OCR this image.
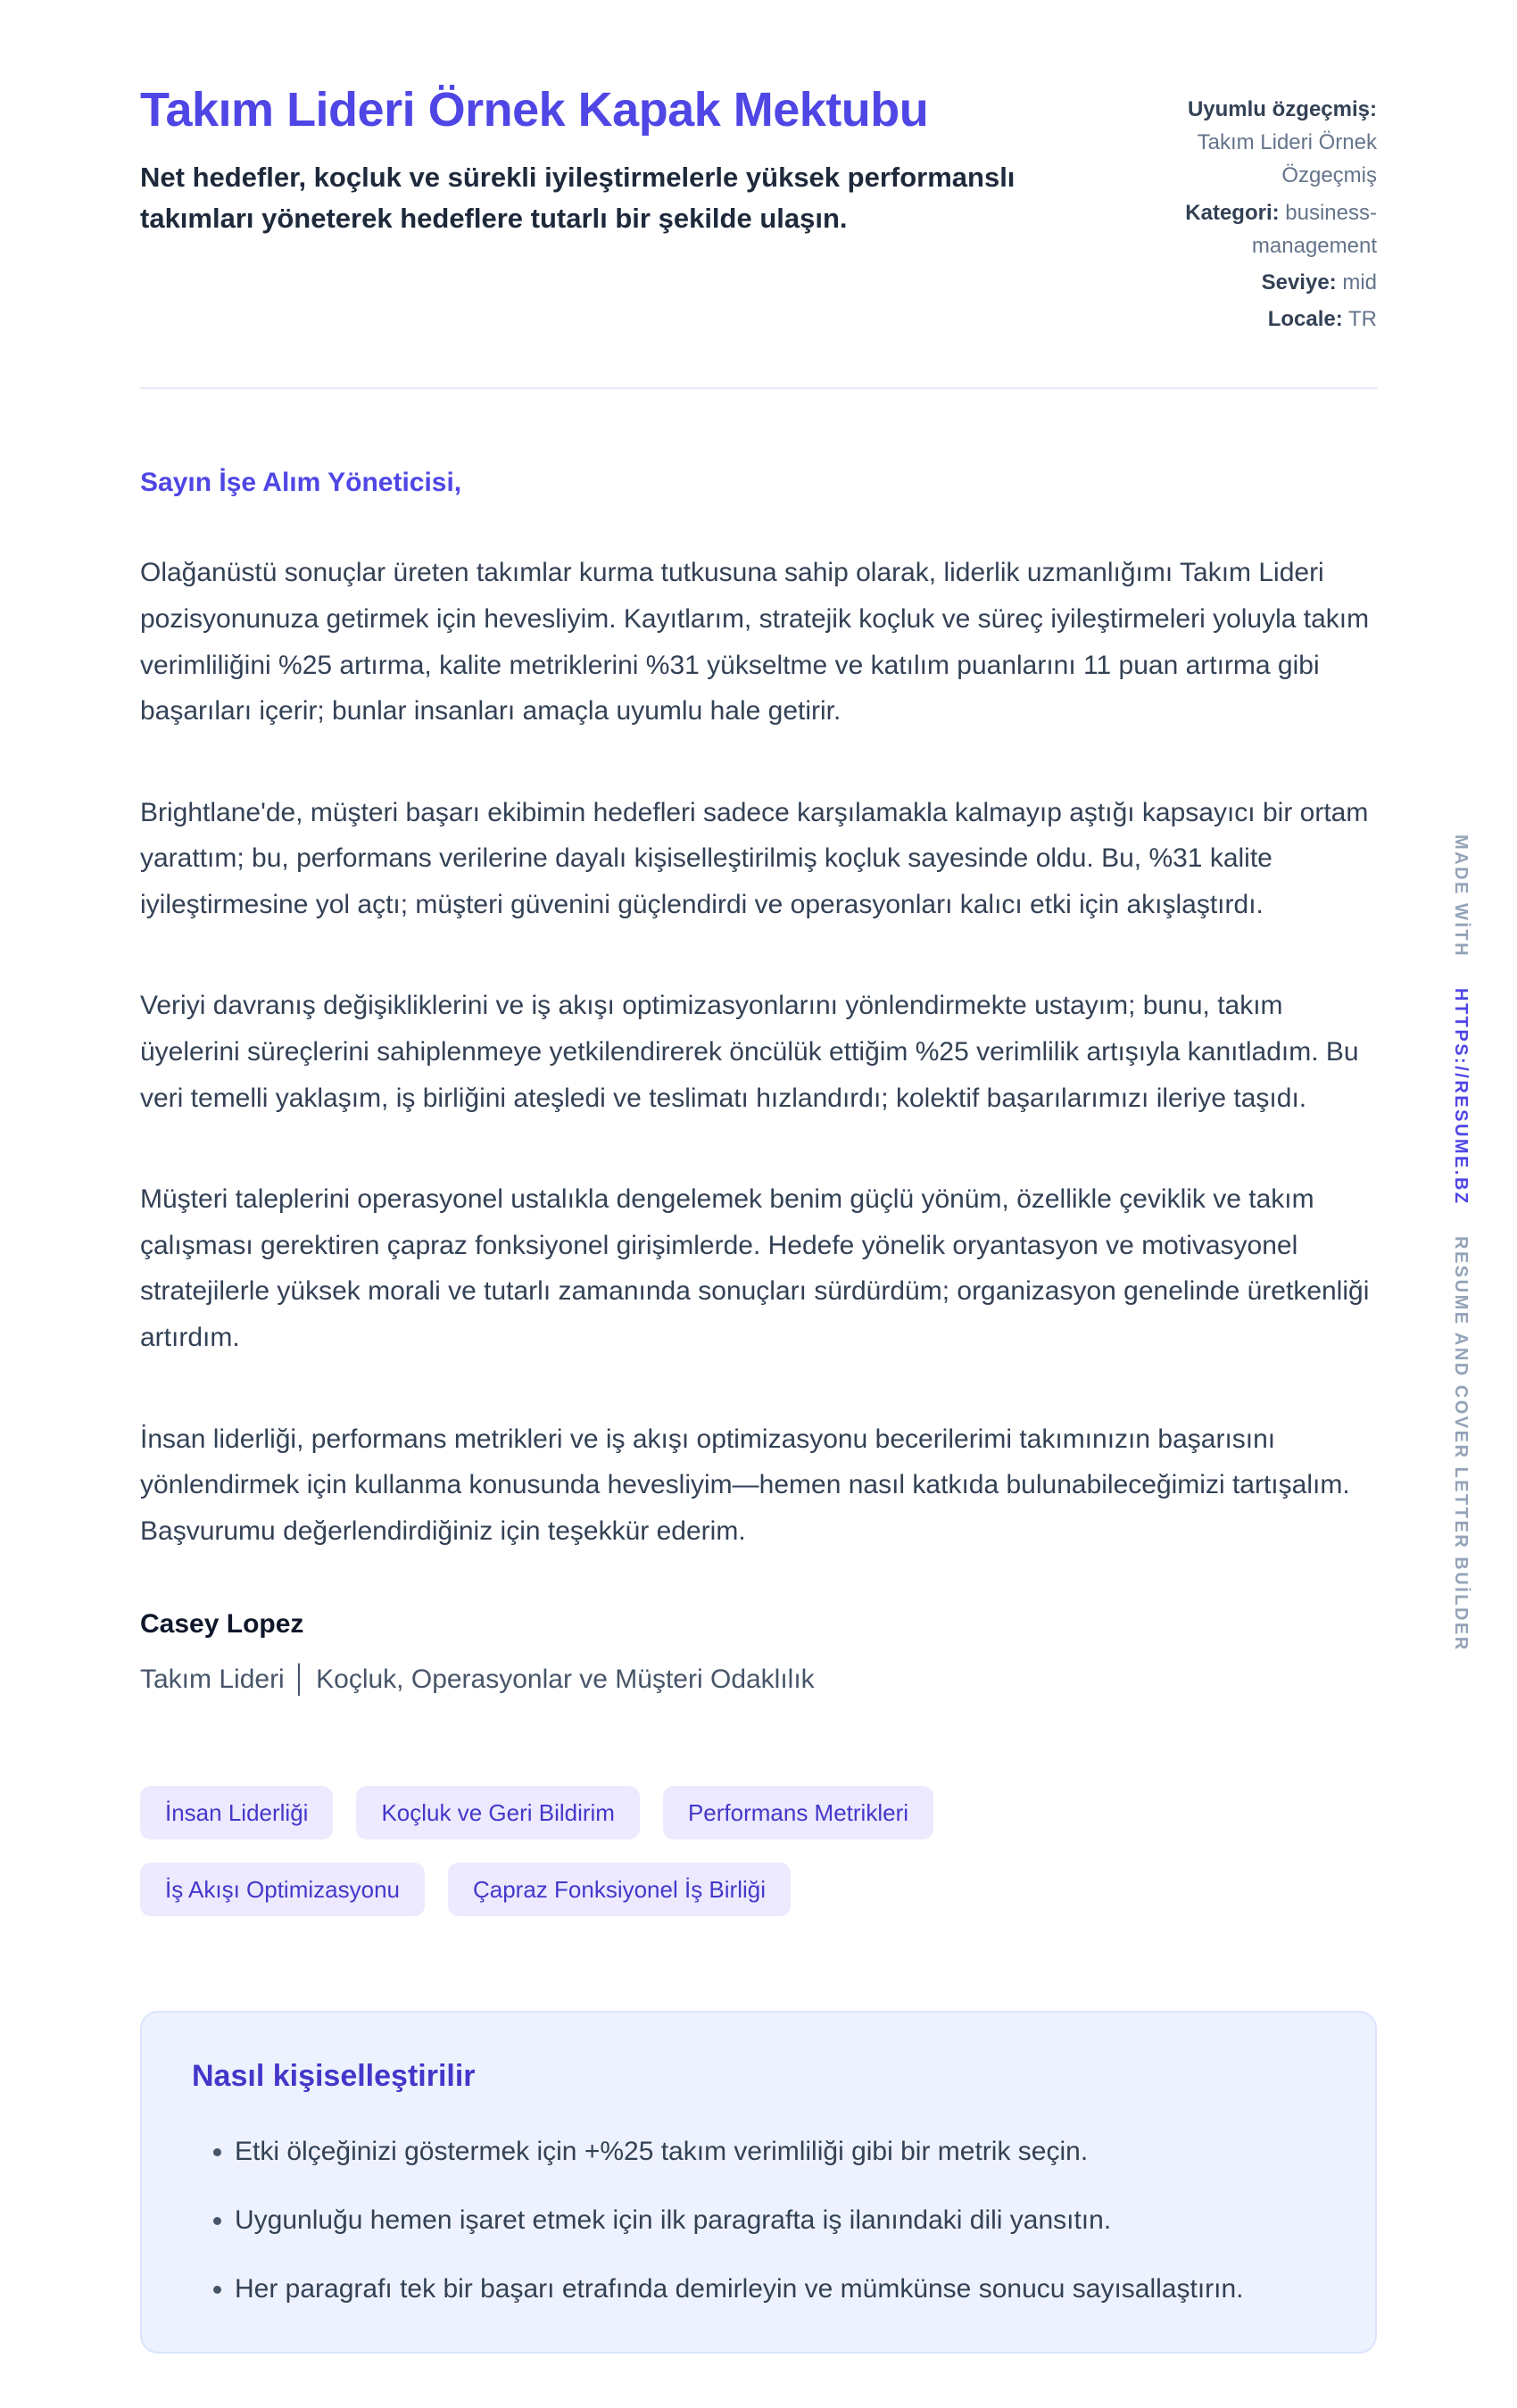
Takım Lideri Örnek Kapak Mektubu

Net hedefler, koçluk ve sürekli iyileştirmelerle yüksek performanslı takımları yöneterek hedeflere tutarlı bir şekilde ulaşın.

Uyumlu özgeçmiş: Takım Lideri Örnek Özgeçmiş
Kategori: business-management
Seviye: mid
Locale: TR

Sayın İşe Alım Yöneticisi,

Olağanüstü sonuçlar üreten takımlar kurma tutkusuna sahip olarak, liderlik uzmanlığımı Takım Lideri pozisyonunuza getirmek için hevesliyim. Kayıtlarım, stratejik koçluk ve süreç iyileştirmeleri yoluyla takım verimliliğini %25 artırma, kalite metriklerini %31 yükseltme ve katılım puanlarını 11 puan artırma gibi başarıları içerir; bunlar insanları amaçla uyumlu hale getirir.

Brightlane'de, müşteri başarı ekibimin hedefleri sadece karşılamakla kalmayıp aştığı kapsayıcı bir ortam yarattım; bu, performans verilerine dayalı kişiselleştirilmiş koçluk sayesinde oldu. Bu, %31 kalite iyileştirmesine yol açtı; müşteri güvenini güçlendirdi ve operasyonları kalıcı etki için akışlaştırdı.

Veriyi davranış değişikliklerini ve iş akışı optimizasyonlarını yönlendirmekte ustayım; bunu, takım üyelerini süreçlerini sahiplenmeye yetkilendirerek öncülük ettiğim %25 verimlilik artışıyla kanıtladım. Bu veri temelli yaklaşım, iş birliğini ateşledi ve teslimatı hızlandırdı; kolektif başarılarımızı ileriye taşıdı.

Müşteri taleplerini operasyonel ustalıkla dengelemek benim güçlü yönüm, özellikle çeviklik ve takım çalışması gerektiren çapraz fonksiyonel girişimlerde. Hedefe yönelik oryantasyon ve motivasyonel stratejilerle yüksek morali ve tutarlı zamanında sonuçları sürdürdüm; organizasyon genelinde üretkenliği artırdım.

İnsan liderliği, performans metrikleri ve iş akışı optimizasyonu becerilerimi takımınızın başarısını yönlendirmek için kullanma konusunda hevesliyim—hemen nasıl katkıda bulunabileceğimizi tartışalım. Başvurumu değerlendirdiğiniz için teşekkür ederim.

Casey Lopez

Takım Lideri │ Koçluk, Operasyonlar ve Müşteri Odaklılık

İnsan Liderliği	Koçluk ve Geri Bildirim	Performans Metrikleri
İş Akışı Optimizasyonu	Çapraz Fonksiyonel İş Birliği
Nasıl kişiselleştirilir
• Etki ölçeğinizi göstermek için +%25 takım verimliliği gibi bir metrik seçin.
• Uygunluğu hemen işaret etmek için ilk paragrafta iş ilanındaki dili yansıtın.
• Her paragrafı tek bir başarı etrafında demirleyin ve mümkünse sonucu sayısallaştırın.
MADE WİTH HTTPS://RESUME.BZ RESUME AND COVER LETTER BUİLDER
